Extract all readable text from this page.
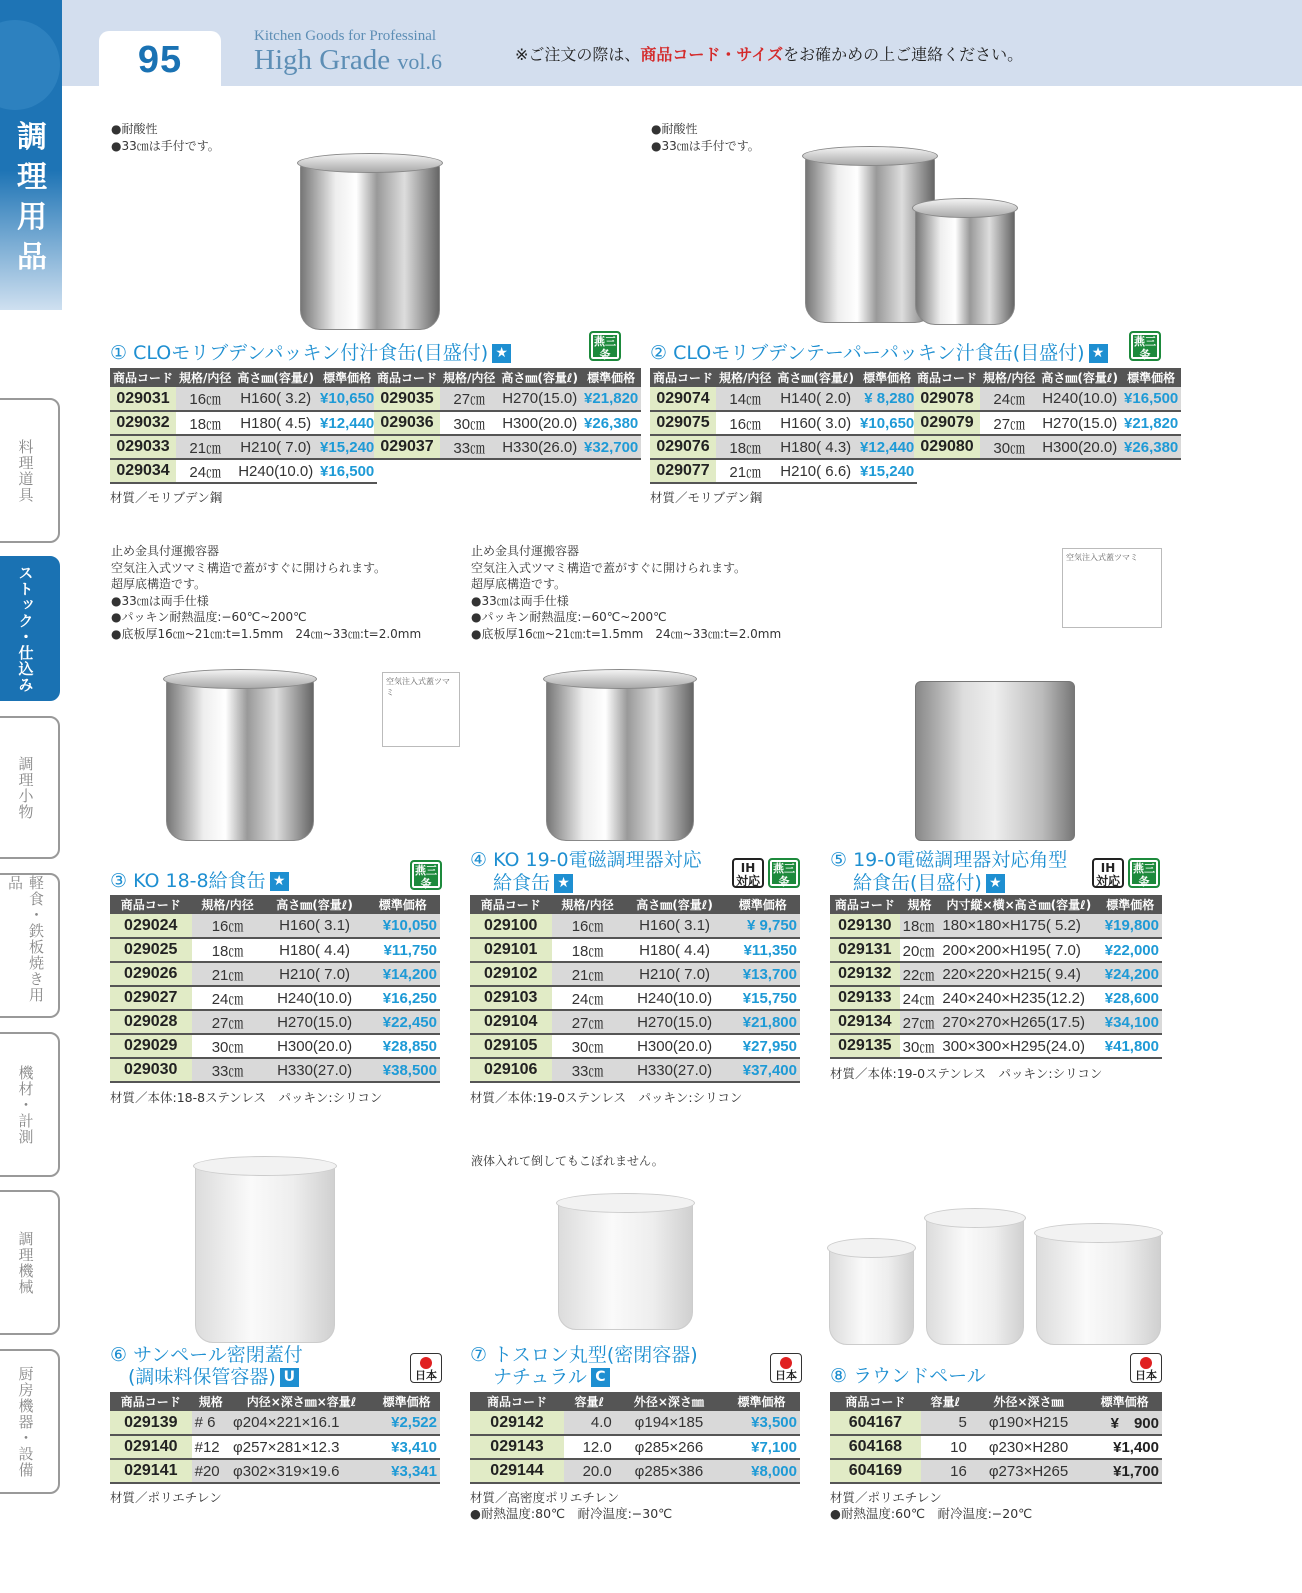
95
Kitchen Goods for Professinal
High Grade vol.6	※ご注文の際は、商品コード・サイズをお確かめの上ご連絡ください。
調理用品
料理道具
ストック・仕込み
調理小物
軽食・鉄板焼き用品
機材・計測
調理機械
厨房機器・設備
●耐酸性
●33㎝は手付です。
① CLOモリブデンパッキン付汁食缶(目盛付) ★
燕三条
商品コード	規格/内径	高さ㎜(容量ℓ)	標準価格
029031	16㎝	H160( 3.2)	¥10,650
029032	18㎝	H180( 4.5)	¥12,440
029033	21㎝	H210( 7.0)	¥15,240
029034	24㎝	H240(10.0)	¥16,500
商品コード	規格/内径	高さ㎜(容量ℓ)	標準価格
029035	27㎝	H270(15.0)	¥21,820
029036	30㎝	H300(20.0)	¥26,380
029037	33㎝	H330(26.0)	¥32,700
材質／モリブデン鋼
●耐酸性
●33㎝は手付です。
② CLOモリブデンテーパーパッキン汁食缶(目盛付) ★
燕三条
商品コード	規格/内径	高さ㎜(容量ℓ)	標準価格
029074	14㎝	H140( 2.0)	¥ 8,280
029075	16㎝	H160( 3.0)	¥10,650
029076	18㎝	H180( 4.3)	¥12,440
029077	21㎝	H210( 6.6)	¥15,240
商品コード	規格/内径	高さ㎜(容量ℓ)	標準価格
029078	24㎝	H240(10.0)	¥16,500
029079	27㎝	H270(15.0)	¥21,820
029080	30㎝	H300(20.0)	¥26,380
材質／モリブデン鋼
止め金具付運搬容器
空気注入式ツマミ構造で蓋がすぐに開けられます。
超厚底構造です。
●33㎝は両手仕様
●パッキン耐熱温度:−60℃~200℃
●底板厚16㎝~21㎝:t=1.5mm　24㎝~33㎝:t=2.0mm
空気注入式蓋ツマミ
止め金具付運搬容器
空気注入式ツマミ構造で蓋がすぐに開けられます。
超厚底構造です。
●33㎝は両手仕様
●パッキン耐熱温度:−60℃~200℃
●底板厚16㎝~21㎝:t=1.5mm　24㎝~33㎝:t=2.0mm
空気注入式蓋ツマミ
③ KO 18-8給食缶 ★
燕三条
商品コード	規格/内径	高さ㎜(容量ℓ)	標準価格
029024	16㎝	H160( 3.1)	¥10,050
029025	18㎝	H180( 4.4)	¥11,750
029026	21㎝	H210( 7.0)	¥14,200
029027	24㎝	H240(10.0)	¥16,250
029028	27㎝	H270(15.0)	¥22,450
029029	30㎝	H300(20.0)	¥28,850
029030	33㎝	H330(27.0)	¥38,500
材質／本体:18-8ステンレス　パッキン:シリコン
④ KO 19-0電磁調理器対応
給食缶 ★
IH
対応
燕三条
商品コード	規格/内径	高さ㎜(容量ℓ)	標準価格
029100	16㎝	H160( 3.1)	¥ 9,750
029101	18㎝	H180( 4.4)	¥11,350
029102	21㎝	H210( 7.0)	¥13,700
029103	24㎝	H240(10.0)	¥15,750
029104	27㎝	H270(15.0)	¥21,800
029105	30㎝	H300(20.0)	¥27,950
029106	33㎝	H330(27.0)	¥37,400
材質／本体:19-0ステンレス　パッキン:シリコン
⑤ 19-0電磁調理器対応角型
給食缶(目盛付) ★
IH
対応
燕三条
商品コード	規格	内寸縦×横×高さ㎜(容量ℓ)	標準価格
029130	18㎝	180×180×H175( 5.2)	¥19,800
029131	20㎝	200×200×H195( 7.0)	¥22,000
029132	22㎝	220×220×H215( 9.4)	¥24,200
029133	24㎝	240×240×H235(12.2)	¥28,600
029134	27㎝	270×270×H265(17.5)	¥34,100
029135	30㎝	300×300×H295(24.0)	¥41,800
材質／本体:19-0ステンレス　パッキン:シリコン
⑥ サンペール密閉蓋付
(調味料保管容器) U	日本
商品コード	規格	内径×深さ㎜×容量ℓ	標準価格
029139	# 6	φ204×221×16.1	¥2,522
029140	#12	φ257×281×12.3	¥3,410
029141	#20	φ302×319×19.6	¥3,341
材質／ポリエチレン
液体入れて倒してもこぼれません。
⑦ トスロン丸型(密閉容器)
ナチュラル C	日本
商品コード	容量ℓ	外径×深さ㎜	標準価格
029142	4.0	φ194×185	¥3,500
029143	12.0	φ285×266	¥7,100
029144	20.0	φ285×386	¥8,000
材質／高密度ポリエチレン
●耐熱温度:80℃　耐冷温度:−30℃
⑧ ラウンドペール	日本
商品コード	容量ℓ	外径×深さ㎜	標準価格
604167	5	φ190×H215	¥　900
604168	10	φ230×H280	¥1,400
604169	16	φ273×H265	¥1,700
材質／ポリエチレン
●耐熱温度:60℃　耐冷温度:−20℃
